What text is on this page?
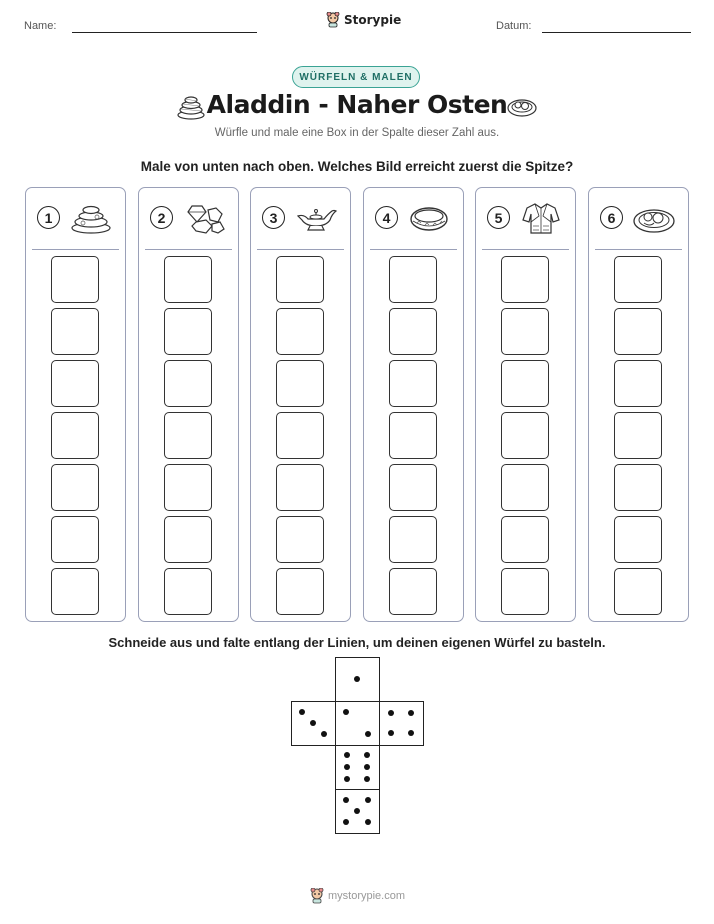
Name:	Storypie	Datum:
WÜRFELN & MALEN
Aladdin - Naher Osten
Würfle und male eine Box in der Spalte dieser Zahl aus.
Male von unten nach oben. Welches Bild erreicht zuerst die Spitze?
1	2	3	4	5	6
Schneide aus und falte entlang der Linien, um deinen eigenen Würfel zu basteln.
mystorypie.com
